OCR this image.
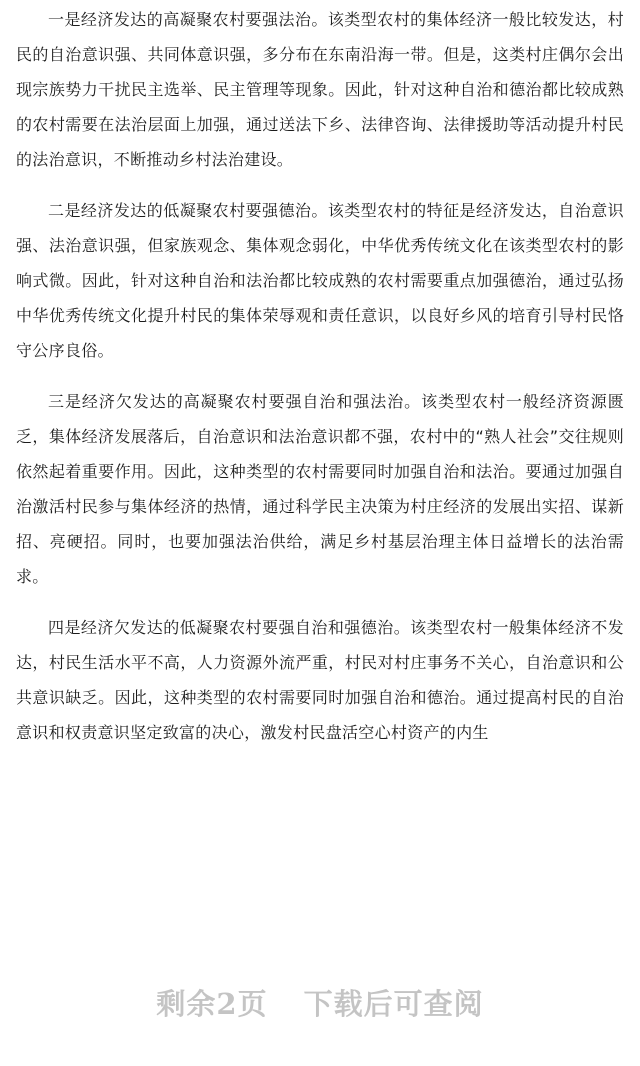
一是经济发达的高凝聚农村要强法治。该类型农村的集体经济一般比较发达，村民的自治意识强、共同体意识强，多分布在东南沿海一带。但是，这类村庄偶尔会出现宗族势力干扰民主选举、民主管理等现象。因此，针对这种自治和德治都比较成熟的农村需要在法治层面上加强，通过送法下乡、法律咨询、法律援助等活动提升村民的法治意识，不断推动乡村法治建设。

二是经济发达的低凝聚农村要强德治。该类型农村的特征是经济发达，自治意识强、法治意识强，但家族观念、集体观念弱化，中华优秀传统文化在该类型农村的影响式微。因此，针对这种自治和法治都比较成熟的农村需要重点加强德治，通过弘扬中华优秀传统文化提升村民的集体荣辱观和责任意识，以良好乡风的培育引导村民恪守公序良俗。

三是经济欠发达的高凝聚农村要强自治和强法治。该类型农村一般经济资源匮乏，集体经济发展落后，自治意识和法治意识都不强，农村中的“熟人社会”交往规则依然起着重要作用。因此，这种类型的农村需要同时加强自治和法治。要通过加强自治激活村民参与集体经济的热情，通过科学民主决策为村庄经济的发展出实招、谋新招、亮硬招。同时，也要加强法治供给，满足乡村基层治理主体日益增长的法治需求。

四是经济欠发达的低凝聚农村要强自治和强德治。该类型农村一般集体经济不发达，村民生活水平不高，人力资源外流严重，村民对村庄事务不关心，自治意识和公共意识缺乏。因此，这种类型的农村需要同时加强自治和德治。通过提高村民的自治意识和权责意识坚定致富的决心，激发村民盘活空心村资产的内生

剩余2页 下载后可查阅
